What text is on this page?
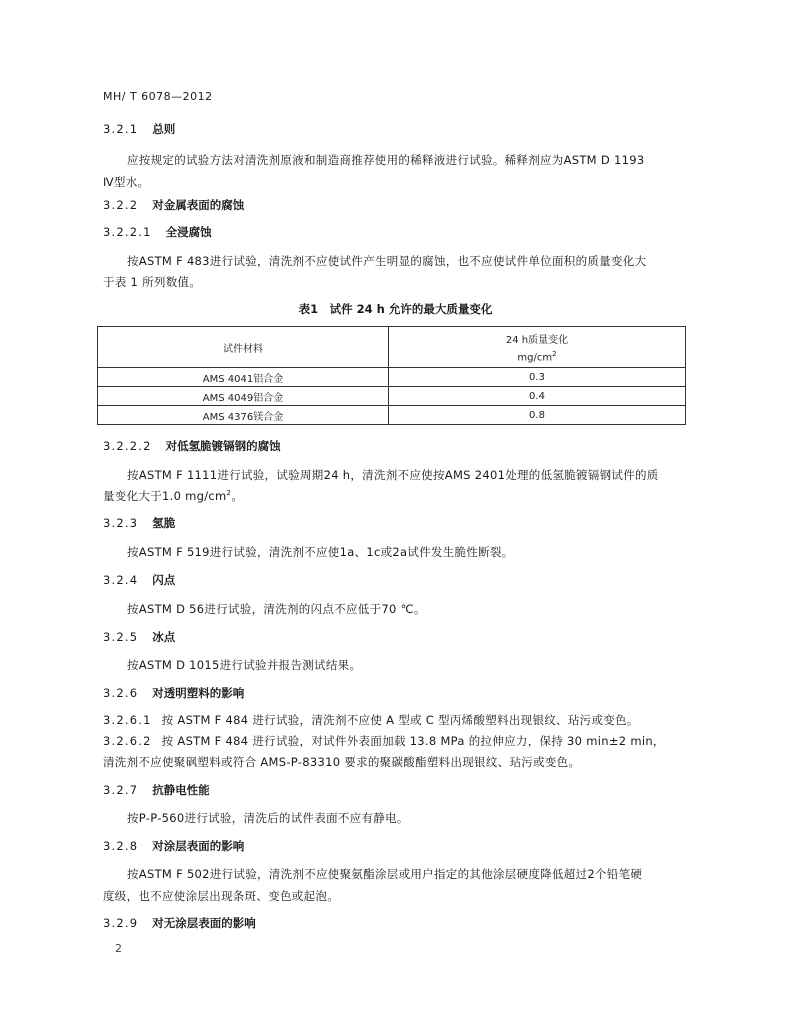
MH/ T 6078—2012
3.2.1 总则
应按规定的试验方法对清洗剂原液和制造商推荐使用的稀释液进行试验。稀释剂应为ASTM D 1193
Ⅳ型水。
3.2.2 对金属表面的腐蚀
3.2.2.1 全浸腐蚀
按ASTM F 483进行试验，清洗剂不应使试件产生明显的腐蚀，也不应使试件单位面积的质量变化大
于表 1 所列数值。
表1　试件 24 h 允许的最大质量变化
试件材料	24 h质量变化
$mg/cm^2$

AMS 4041铝合金	0.3
AMS 4049铝合金	0.4
AMS 4376镁合金	0.8
3.2.2.2 对低氢脆镀镉钢的腐蚀
按ASTM F 1111进行试验，试验周期24 h，清洗剂不应使按AMS 2401处理的低氢脆镀镉钢试件的质
量变化大于1.0 $mg/cm^2$。
3.2.3 氢脆
按ASTM F 519进行试验，清洗剂不应使1a、1c或2a试件发生脆性断裂。
3.2.4 闪点
按ASTM D 56进行试验，清洗剂的闪点不应低于70 ℃。
3.2.5 冰点
按ASTM D 1015进行试验并报告测试结果。
3.2.6 对透明塑料的影响
3.2.6.1 按 ASTM F 484 进行试验，清洗剂不应使 A 型或 C 型丙烯酸塑料出现银纹、玷污或变色。
3.2.6.2 按 ASTM F 484 进行试验，对试件外表面加载 13.8 MPa 的拉伸应力，保持 30 min±2 min，
清洗剂不应使聚砜塑料或符合 AMS-P-83310 要求的聚碳酸酯塑料出现银纹、玷污或变色。
3.2.7 抗静电性能
按P-P-560进行试验，清洗后的试件表面不应有静电。
3.2.8 对涂层表面的影响
按ASTM F 502进行试验，清洗剂不应使聚氨酯涂层或用户指定的其他涂层硬度降低超过2个铅笔硬
度级，也不应使涂层出现条斑、变色或起泡。
3.2.9 对无涂层表面的影响
2
